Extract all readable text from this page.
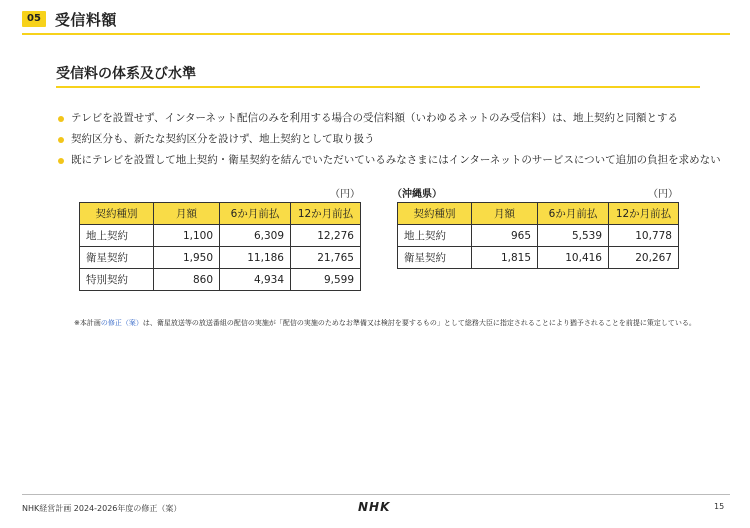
05 受信料額
受信料の体系及び水準
テレビを設置せず、インターネット配信のみを利用する場合の受信料額（いわゆるネットのみ受信料）は、地上契約と同額とする
契約区分も、新たな契約区分を設けず、地上契約として取り扱う
既にテレビを設置して地上契約・衛星契約を結んでいただいているみなさまにはインターネットのサービスについて追加の負担を求めない
（円）
契約種別	月額	6か月前払	12か月前払
地上契約	1,100	6,309	12,276
衛星契約	1,950	11,186	21,765
特別契約	860	4,934	9,599
（沖縄県）	（円）
契約種別	月額	6か月前払	12か月前払
地上契約	965	5,539	10,778
衛星契約	1,815	10,416	20,267
※本計画の修正（案）は、衛星放送等の放送番組の配信の実施が「配信の実施のためなお準備又は検討を要するもの」として総務大臣に指定されることにより猶予されることを前提に策定している。
NHK経営計画 2024-2026年度の修正（案）	NHK	15
